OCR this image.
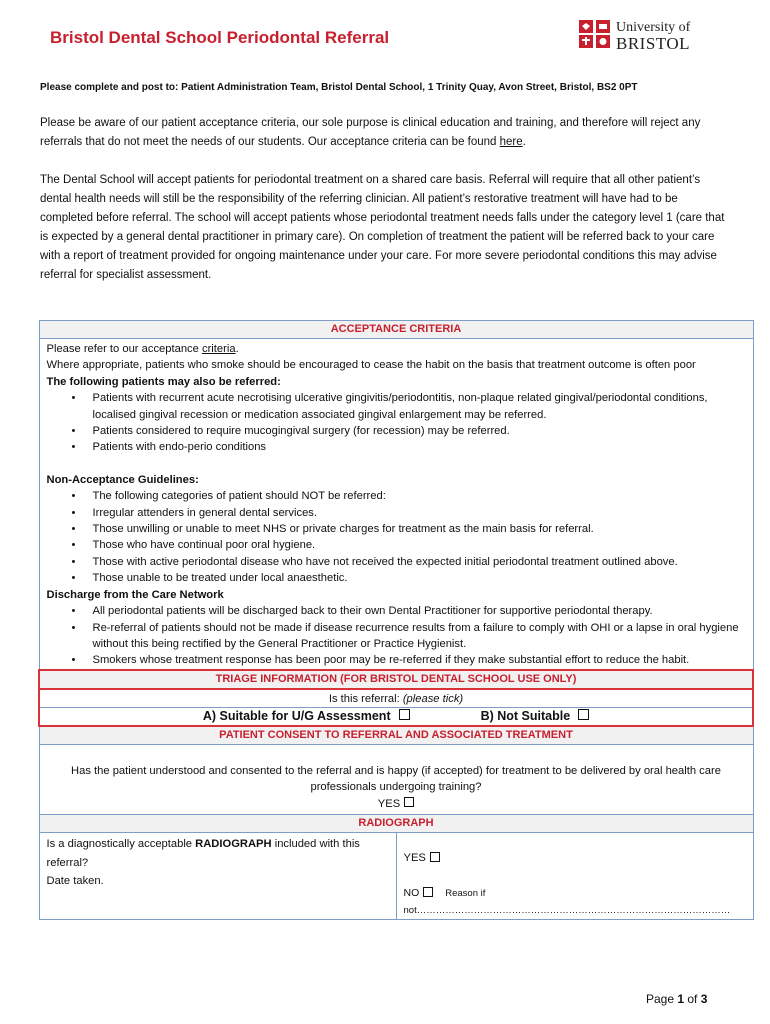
Bristol Dental School Periodontal Referral
University of
BRISTOL
Please complete and post to: Patient Administration Team, Bristol Dental School, 1 Trinity Quay, Avon Street, Bristol, BS2 0PT
Please be aware of our patient acceptance criteria, our sole purpose is clinical education and training, and therefore will reject any referrals that do not meet the needs of our students. Our acceptance criteria can be found here.
The Dental School will accept patients for periodontal treatment on a shared care basis. Referral will require that all other patient’s dental health needs will still be the responsibility of the referring clinician. All patient’s restorative treatment will have had to be completed before referral. The school will accept patients whose periodontal treatment needs falls under the category level 1 (care that is expected by a general dental practitioner in primary care). On completion of treatment the patient will be referred back to your care with a report of treatment provided for ongoing maintenance under your care. For more severe periodontal conditions this may advise referral for specialist assessment.
ACCEPTANCE CRITERIA

Please refer to our acceptance criteria.

Where appropriate, patients who smoke should be encouraged to cease the habit on the basis that treatment outcome is often poor

The following patients may also be referred:

• Patients with recurrent acute necrotising ulcerative gingivitis/periodontitis, non-plaque related gingival/periodontal conditions, localised gingival recession or medication associated gingival enlargement may be referred.
• Patients considered to require mucogingival surgery (for recession) may be referred.
• Patients with endo-perio conditions

Non-Acceptance Guidelines:

• The following categories of patient should NOT be referred:
• Irregular attenders in general dental services.
• Those unwilling or unable to meet NHS or private charges for treatment as the main basis for referral.
• Those who have continual poor oral hygiene.
• Those with active periodontal disease who have not received the expected initial periodontal treatment outlined above.
• Those unable to be treated under local anaesthetic.

Discharge from the Care Network

• All periodontal patients will be discharged back to their own Dental Practitioner for supportive periodontal therapy.
• Re-referral of patients should not be made if disease recurrence results from a failure to comply with OHI or a lapse in oral hygiene without this being rectified by the General Practitioner or Practice Hygienist.
• Smokers whose treatment response has been poor may be re-referred if they make substantial effort to reduce the habit.

TRIAGE INFORMATION (FOR BRISTOL DENTAL SCHOOL USE ONLY)
Is this referral: (please tick)
A) Suitable for U/G Assessment	B) Not Suitable
PATIENT CONSENT TO REFERRAL AND ASSOCIATED TREATMENT

Has the patient understood and consented to the referral and is happy (if accepted) for treatment to be delivered by oral health care professionals undergoing training?
YES

RADIOGRAPH

Is a diagnostically acceptable RADIOGRAPH included with this referral?
Date taken.

YES
NO	Reason if not………………………………………………………………………………………
Page 1 of 3
